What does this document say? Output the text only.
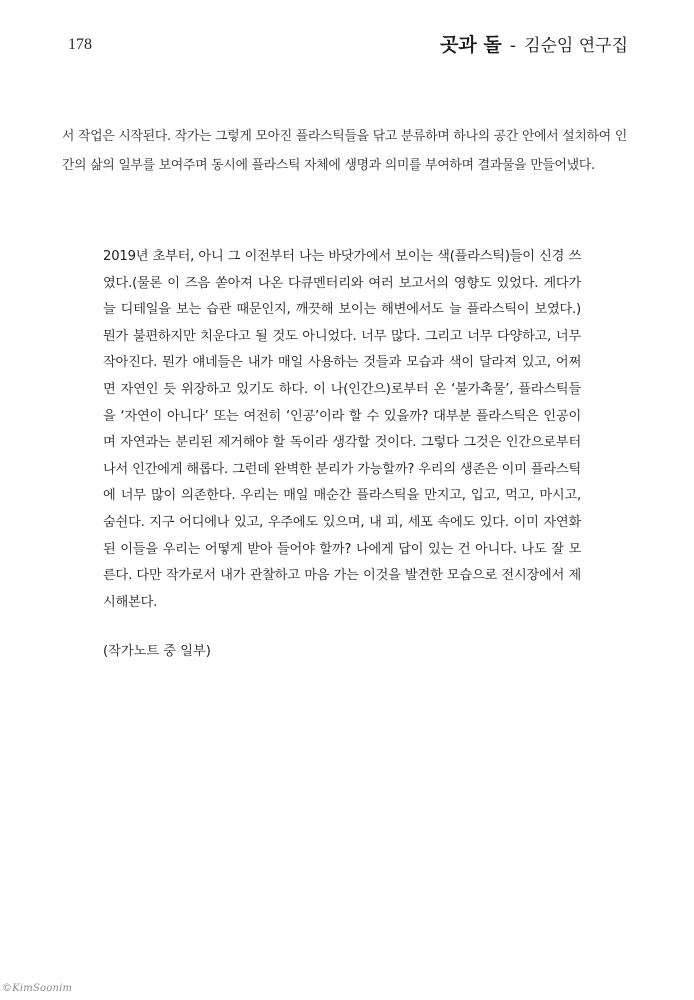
178	곳과 돌 - 김순임 연구집
서 작업은 시작된다. 작가는 그렇게 모아진 플라스틱들을 닦고 분류하며 하나의 공간 안에서 설치하여 인간의 삶의 일부를 보여주며 동시에 플라스틱 자체에 생명과 의미를 부여하며 결과물을 만들어냈다.
2019년 초부터, 아니 그 이전부터 나는 바닷가에서 보이는 색(플라스틱)들이 신경 쓰였다.(물론 이 즈음 쏟아져 나온 다큐멘터리와 여러 보고서의 영향도 있었다. 게다가 늘 디테일을 보는 습관 때문인지, 깨끗해 보이는 해변에서도 늘 플라스틱이 보였다.) 뭔가 불편하지만 치운다고 될 것도 아니었다. 너무 많다. 그리고 너무 다양하고, 너무 작아진다. 뭔가 얘네들은 내가 매일 사용하는 것들과 모습과 색이 달라져 있고, 어쩌면 자연인 듯 위장하고 있기도 하다. 이 나(인간으)로부터 온 ‘불가촉물’, 플라스틱들을 ‘자연이 아니다’ 또는 여전히 ‘인공’이라 할 수 있을까? 대부분 플라스틱은 인공이며 자연과는 분리된 제거해야 할 독이라 생각할 것이다. 그렇다 그것은 인간으로부터 나서 인간에게 해롭다. 그런데 완벽한 분리가 가능할까? 우리의 생존은 이미 플라스틱에 너무 많이 의존한다. 우리는 매일 매순간 플라스틱을 만지고, 입고, 먹고, 마시고, 숨쉰다. 지구 어디에나 있고, 우주에도 있으며, 내 피, 세포 속에도 있다. 이미 자연화 된 이들을 우리는 어떻게 받아 들어야 할까? 나에게 답이 있는 건 아니다. 나도 잘 모른다. 다만 작가로서 내가 관찰하고 마음 가는 이것을 발견한 모습으로 전시장에서 제시해본다.
(작가노트 중 일부)
©KimSoonim
